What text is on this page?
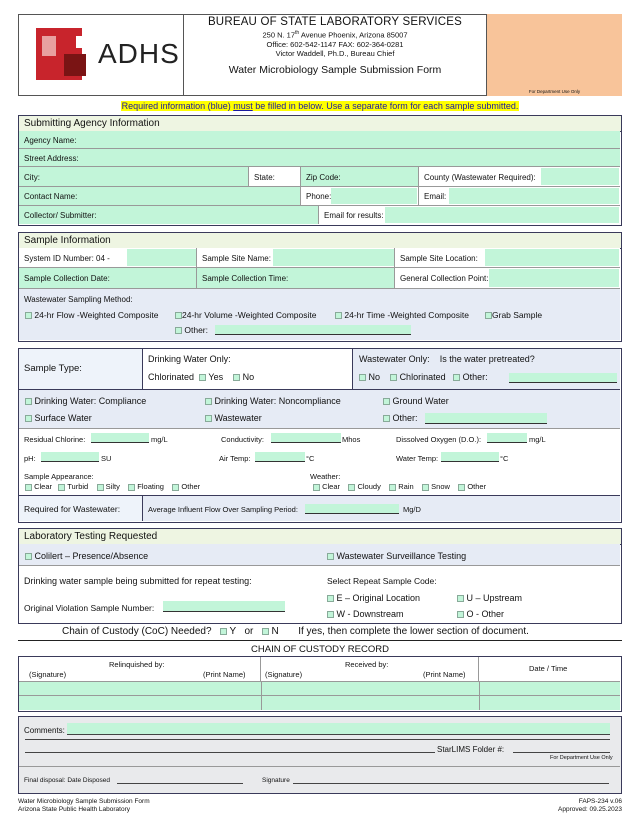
ADHS
BUREAU OF STATE LABORATORY SERVICES
250 N. 17th Avenue Phoenix, Arizona 85007
Office: 602-542-1147 FAX: 602-364-0281
Victor Waddell, Ph.D., Bureau Chief
Water Microbiology Sample Submission Form
For Department Use Only
Required information (blue) must be filled in below. Use a separate form for each sample submitted.
Submitting Agency Information
Agency Name:
Street Address:
City:	State:	Zip Code:	County (Wastewater Required):
Contact Name:	Phone:	Email:
Collector/ Submitter:	Email for results:
Sample Information
System ID Number: 04 -	Sample Site Name:	Sample Site Location:
Sample Collection Date:	Sample Collection Time:	General Collection Point:
Wastewater Sampling Method:
24-hr Flow -Weighted Composite	24-hr Volume -Weighted Composite	24-hr Time -Weighted Composite	Grab Sample
Other:
Sample Type:
Drinking Water Only:
Chlorinated Yes No
Wastewater Only: Is the water pretreated?
No Chlorinated Other:
Drinking Water: Compliance	Drinking Water: Noncompliance	Ground Water
Surface Water	Wastewater	Other:
Residual Chlorine:	mg/L	Conductivity:	Mhos	Dissolved Oxygen (D.O.):	mg/L
pH:	SU	Air Temp:	°C	Water Temp:	°C
Sample Appearance:
Clear Turbid Silty Floating Other
Weather:
Clear Cloudy Rain Snow Other
Required for Wastewater:	Average Influent Flow Over Sampling Period:	Mg/D
Laboratory Testing Requested
Colilert – Presence/Absence	Wastewater Surveillance Testing
Drinking water sample being submitted for repeat testing:
Original Violation Sample Number:
Select Repeat Sample Code:
E – Original Location	U – Upstream
W - Downstream	O - Other
Chain of Custody (CoC) Needed? Y or N If yes, then complete the lower section of document.
CHAIN OF CUSTODY RECORD
Relinquished by:
(Signature)	(Print Name)
Received by:
(Signature)	(Print Name)
Date / Time
Comments:
StarLIMS Folder #:
For Department Use Only
Final disposal: Date Disposed	Signature
Water Microbiology Sample Submission Form
Arizona State Public Health Laboratory
FAPS-234 v.06
Approved: 09.25.2023
